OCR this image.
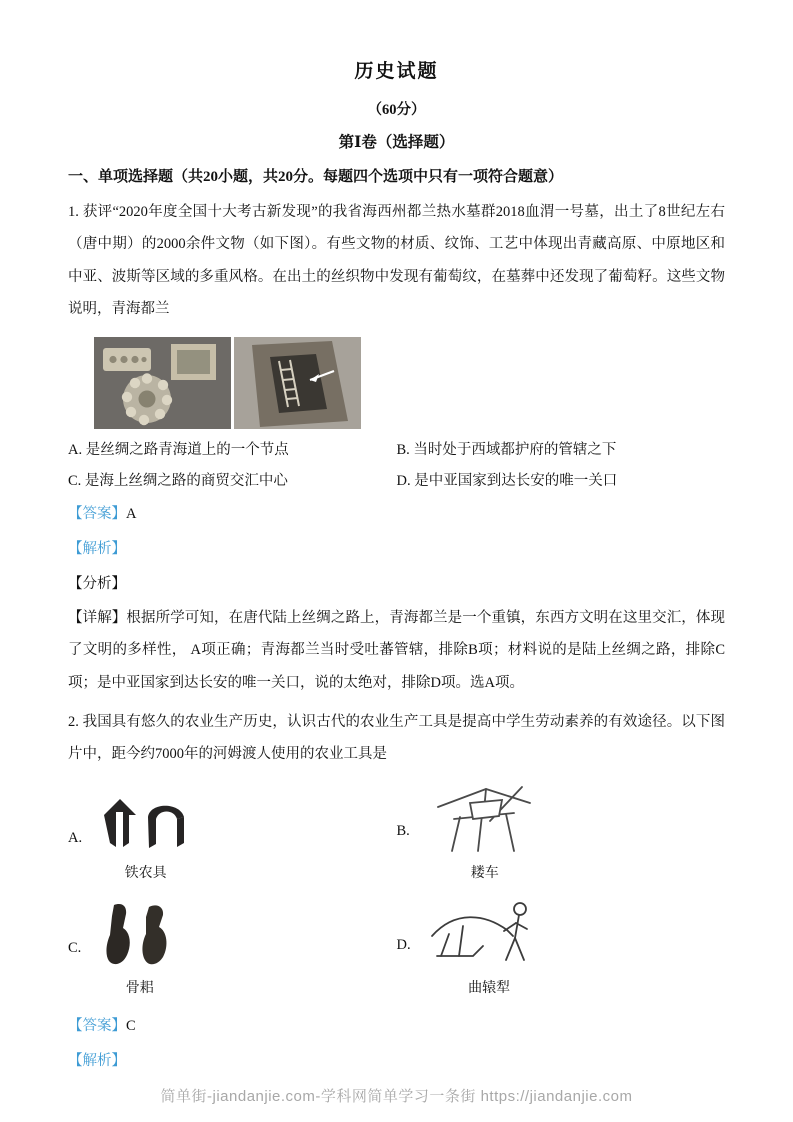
历史试题
（60分）
第Ⅰ卷（选择题）
一、单项选择题（共20小题，共20分。每题四个选项中只有一项符合题意）

1. 获评“2020年度全国十大考古新发现”的我省海西州都兰热水墓群2018血渭一号墓，出土了8世纪左右（唐中期）的2000余件文物（如下图）。有些文物的材质、纹饰、工艺中体现出青藏高原、中原地区和中亚、波斯等区域的多重风格。在出土的丝织物中发现有葡萄纹，在墓葬中还发现了葡萄籽。这些文物说明，青海都兰

A. 是丝绸之路青海道上的一个节点	B. 当时处于西域都护府的管辖之下
C. 是海上丝绸之路的商贸交汇中心	D. 是中亚国家到达长安的唯一关口

【答案】A

【解析】

【分析】

【详解】根据所学可知，在唐代陆上丝绸之路上，青海都兰是一个重镇，东西方文明在这里交汇，体现了文明的多样性， A项正确；青海都兰当时受吐蕃管辖，排除B项；材料说的是陆上丝绸之路，排除C项；是中亚国家到达长安的唯一关口，说的太绝对，排除D项。选A项。

2. 我国具有悠久的农业生产历史，认识古代的农业生产工具是提高中学生劳动素养的有效途径。以下图片中，距今约7000年的河姆渡人使用的农业工具是

A.
铁农具
B.
耧车
C.
骨耜
D.
曲辕犁

【答案】C

【解析】

简单街-jiandanjie.com-学科网简单学习一条街 https://jiandanjie.com
